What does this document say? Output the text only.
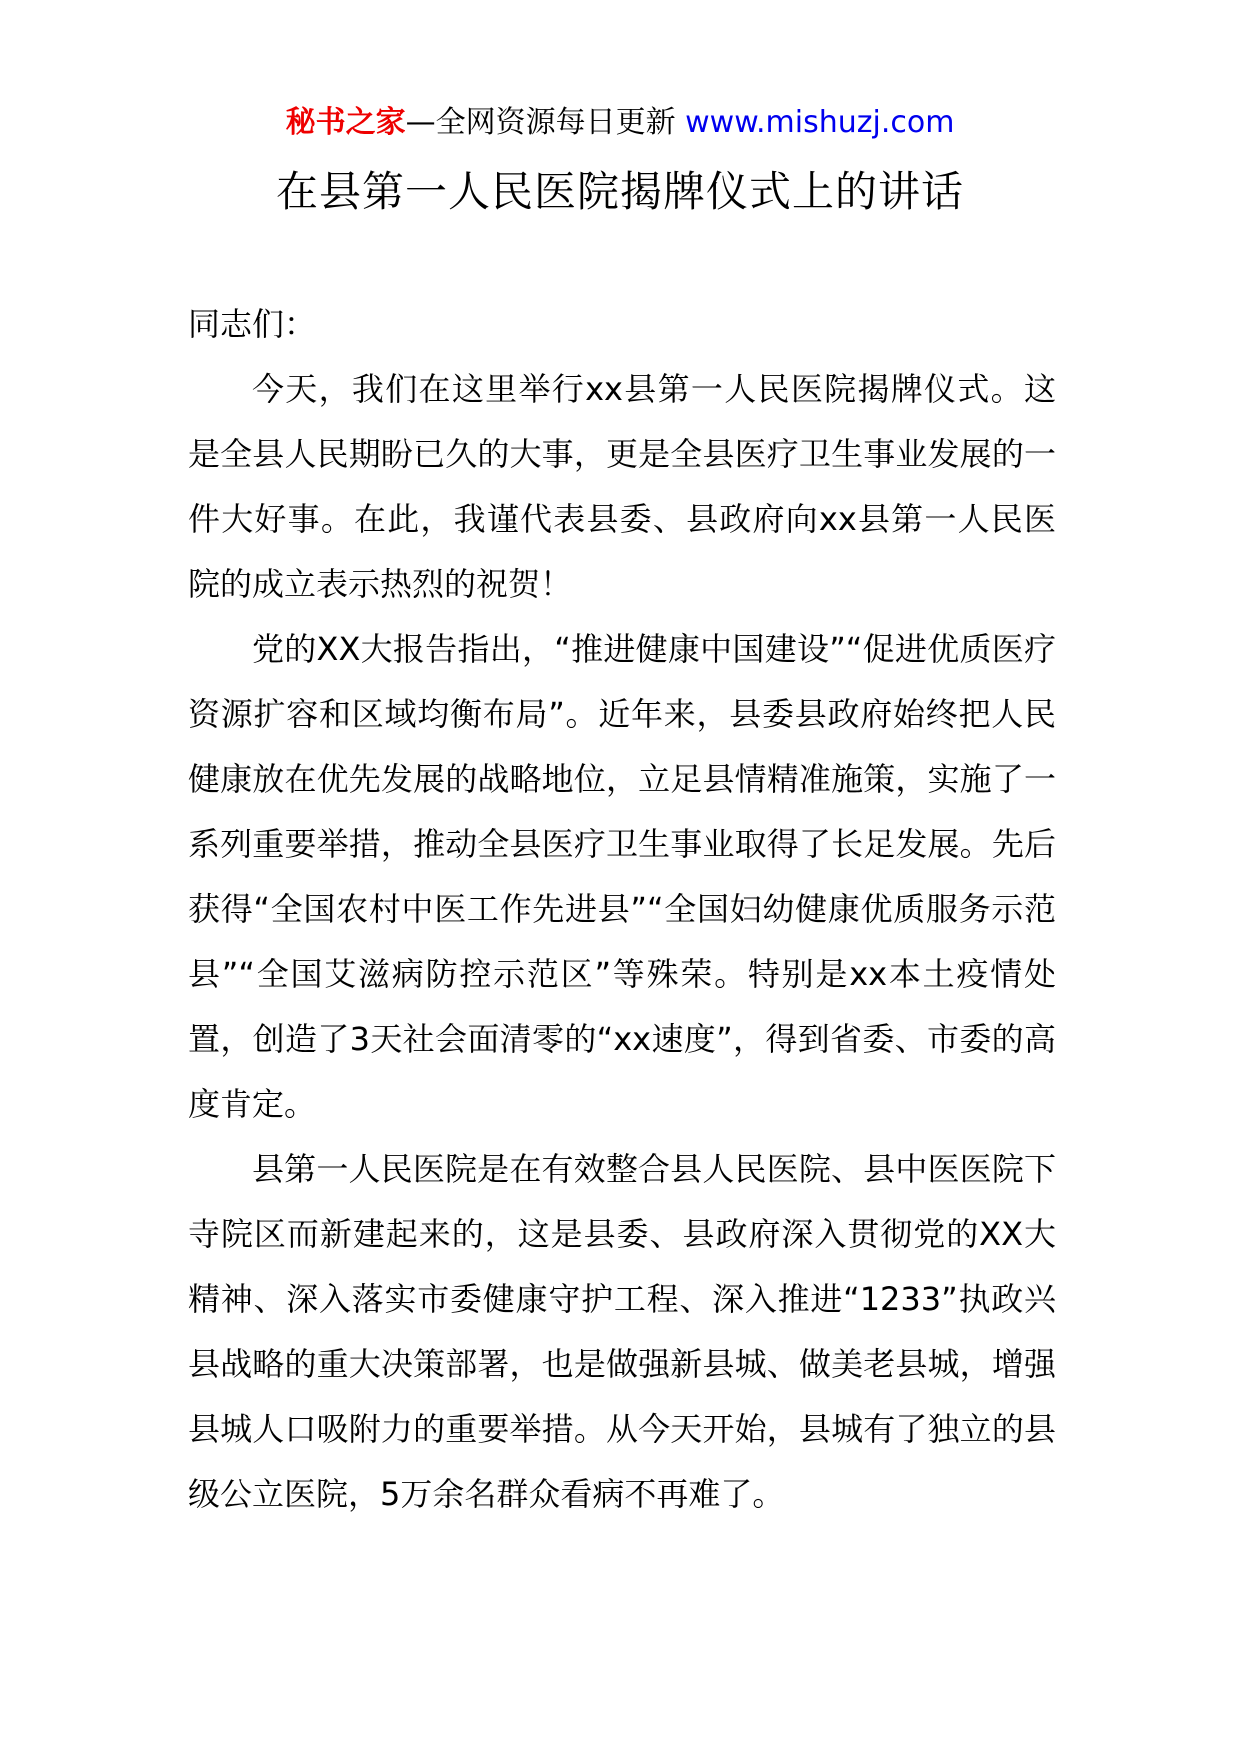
秘书之家—全网资源每日更新 www.mishuzj.com
在县第一人民医院揭牌仪式上的讲话

同志们：

今天，我们在这里举行xx县第一人民医院揭牌仪式。这是全县人民期盼已久的大事，更是全县医疗卫生事业发展的一件大好事。在此，我谨代表县委、县政府向xx县第一人民医院的成立表示热烈的祝贺！

党的XX大报告指出，“推进健康中国建设”“促进优质医疗资源扩容和区域均衡布局”。近年来，县委县政府始终把人民健康放在优先发展的战略地位，立足县情精准施策，实施了一系列重要举措，推动全县医疗卫生事业取得了长足发展。先后获得“全国农村中医工作先进县”“全国妇幼健康优质服务示范县”“全国艾滋病防控示范区”等殊荣。特别是xx本土疫情处置，创造了3天社会面清零的“xx速度”，得到省委、市委的高度肯定。

县第一人民医院是在有效整合县人民医院、县中医医院下寺院区而新建起来的，这是县委、县政府深入贯彻党的XX大精神、深入落实市委健康守护工程、深入推进“1233”执政兴县战略的重大决策部署，也是做强新县城、做美老县城，增强县城人口吸附力的重要举措。从今天开始，县城有了独立的县级公立医院，5万余名群众看病不再难了。
